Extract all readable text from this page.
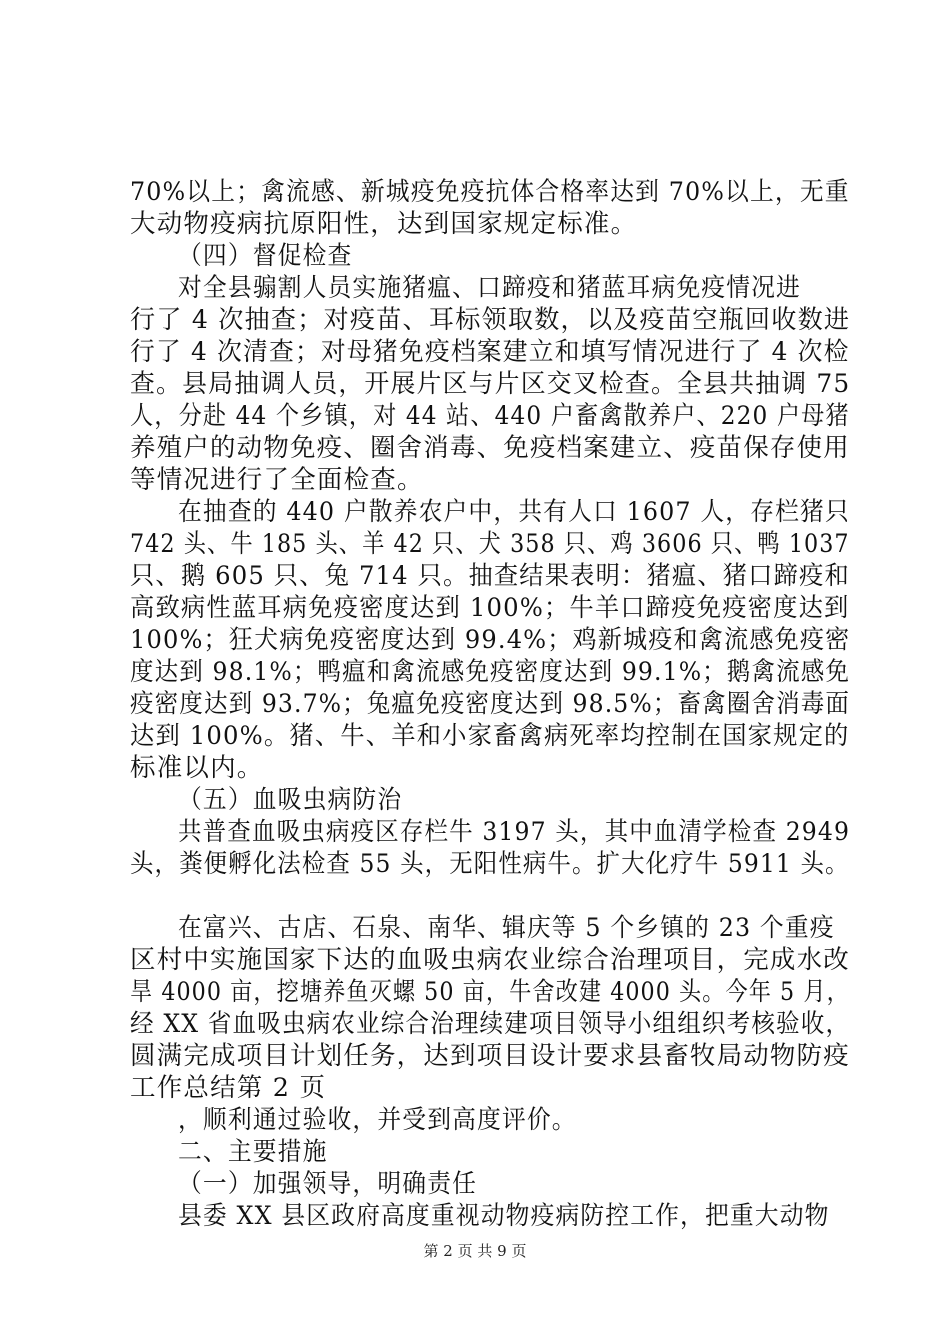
70%以上；禽流感、新城疫免疫抗体合格率达到 70%以上，无重
大动物疫病抗原阳性，达到国家规定标准。
（四）督促检查
对全县骟割人员实施猪瘟、口蹄疫和猪蓝耳病免疫情况进
行了 4 次抽查；对疫苗、耳标领取数，以及疫苗空瓶回收数进
行了 4 次清查；对母猪免疫档案建立和填写情况进行了 4 次检
查。县局抽调人员，开展片区与片区交叉检查。全县共抽调 75
人，分赴 44 个乡镇，对 44 站、440 户畜禽散养户、220 户母猪
养殖户的动物免疫、圈舍消毒、免疫档案建立、疫苗保存使用
等情况进行了全面检查。
在抽查的 440 户散养农户中，共有人口 1607 人，存栏猪只
742 头、牛 185 头、羊 42 只、犬 358 只、鸡 3606 只、鸭 1037
只、鹅 605 只、兔 714 只。抽查结果表明：猪瘟、猪口蹄疫和
高致病性蓝耳病免疫密度达到 100%；牛羊口蹄疫免疫密度达到
100%；狂犬病免疫密度达到 99.4%；鸡新城疫和禽流感免疫密
度达到 98.1%；鸭瘟和禽流感免疫密度达到 99.1%；鹅禽流感免
疫密度达到 93.7%；兔瘟免疫密度达到 98.5%；畜禽圈舍消毒面
达到 100%。猪、牛、羊和小家畜禽病死率均控制在国家规定的
标准以内。
（五）血吸虫病防治
共普查血吸虫病疫区存栏牛 3197 头，其中血清学检查 2949
头，粪便孵化法检查 55 头，无阳性病牛。扩大化疗牛 5911 头。
在富兴、古店、石泉、南华、辑庆等 5 个乡镇的 23 个重疫
区村中实施国家下达的血吸虫病农业综合治理项目，完成水改
旱 4000 亩，挖塘养鱼灭螺 50 亩，牛舍改建 4000 头。今年 5 月，
经 XX 省血吸虫病农业综合治理续建项目领导小组组织考核验收，
圆满完成项目计划任务，达到项目设计要求县畜牧局动物防疫
工作总结第 2 页
，顺利通过验收，并受到高度评价。
二、主要措施
（一）加强领导，明确责任
县委 XX 县区政府高度重视动物疫病防控工作，把重大动物
第 2 页 共 9 页
